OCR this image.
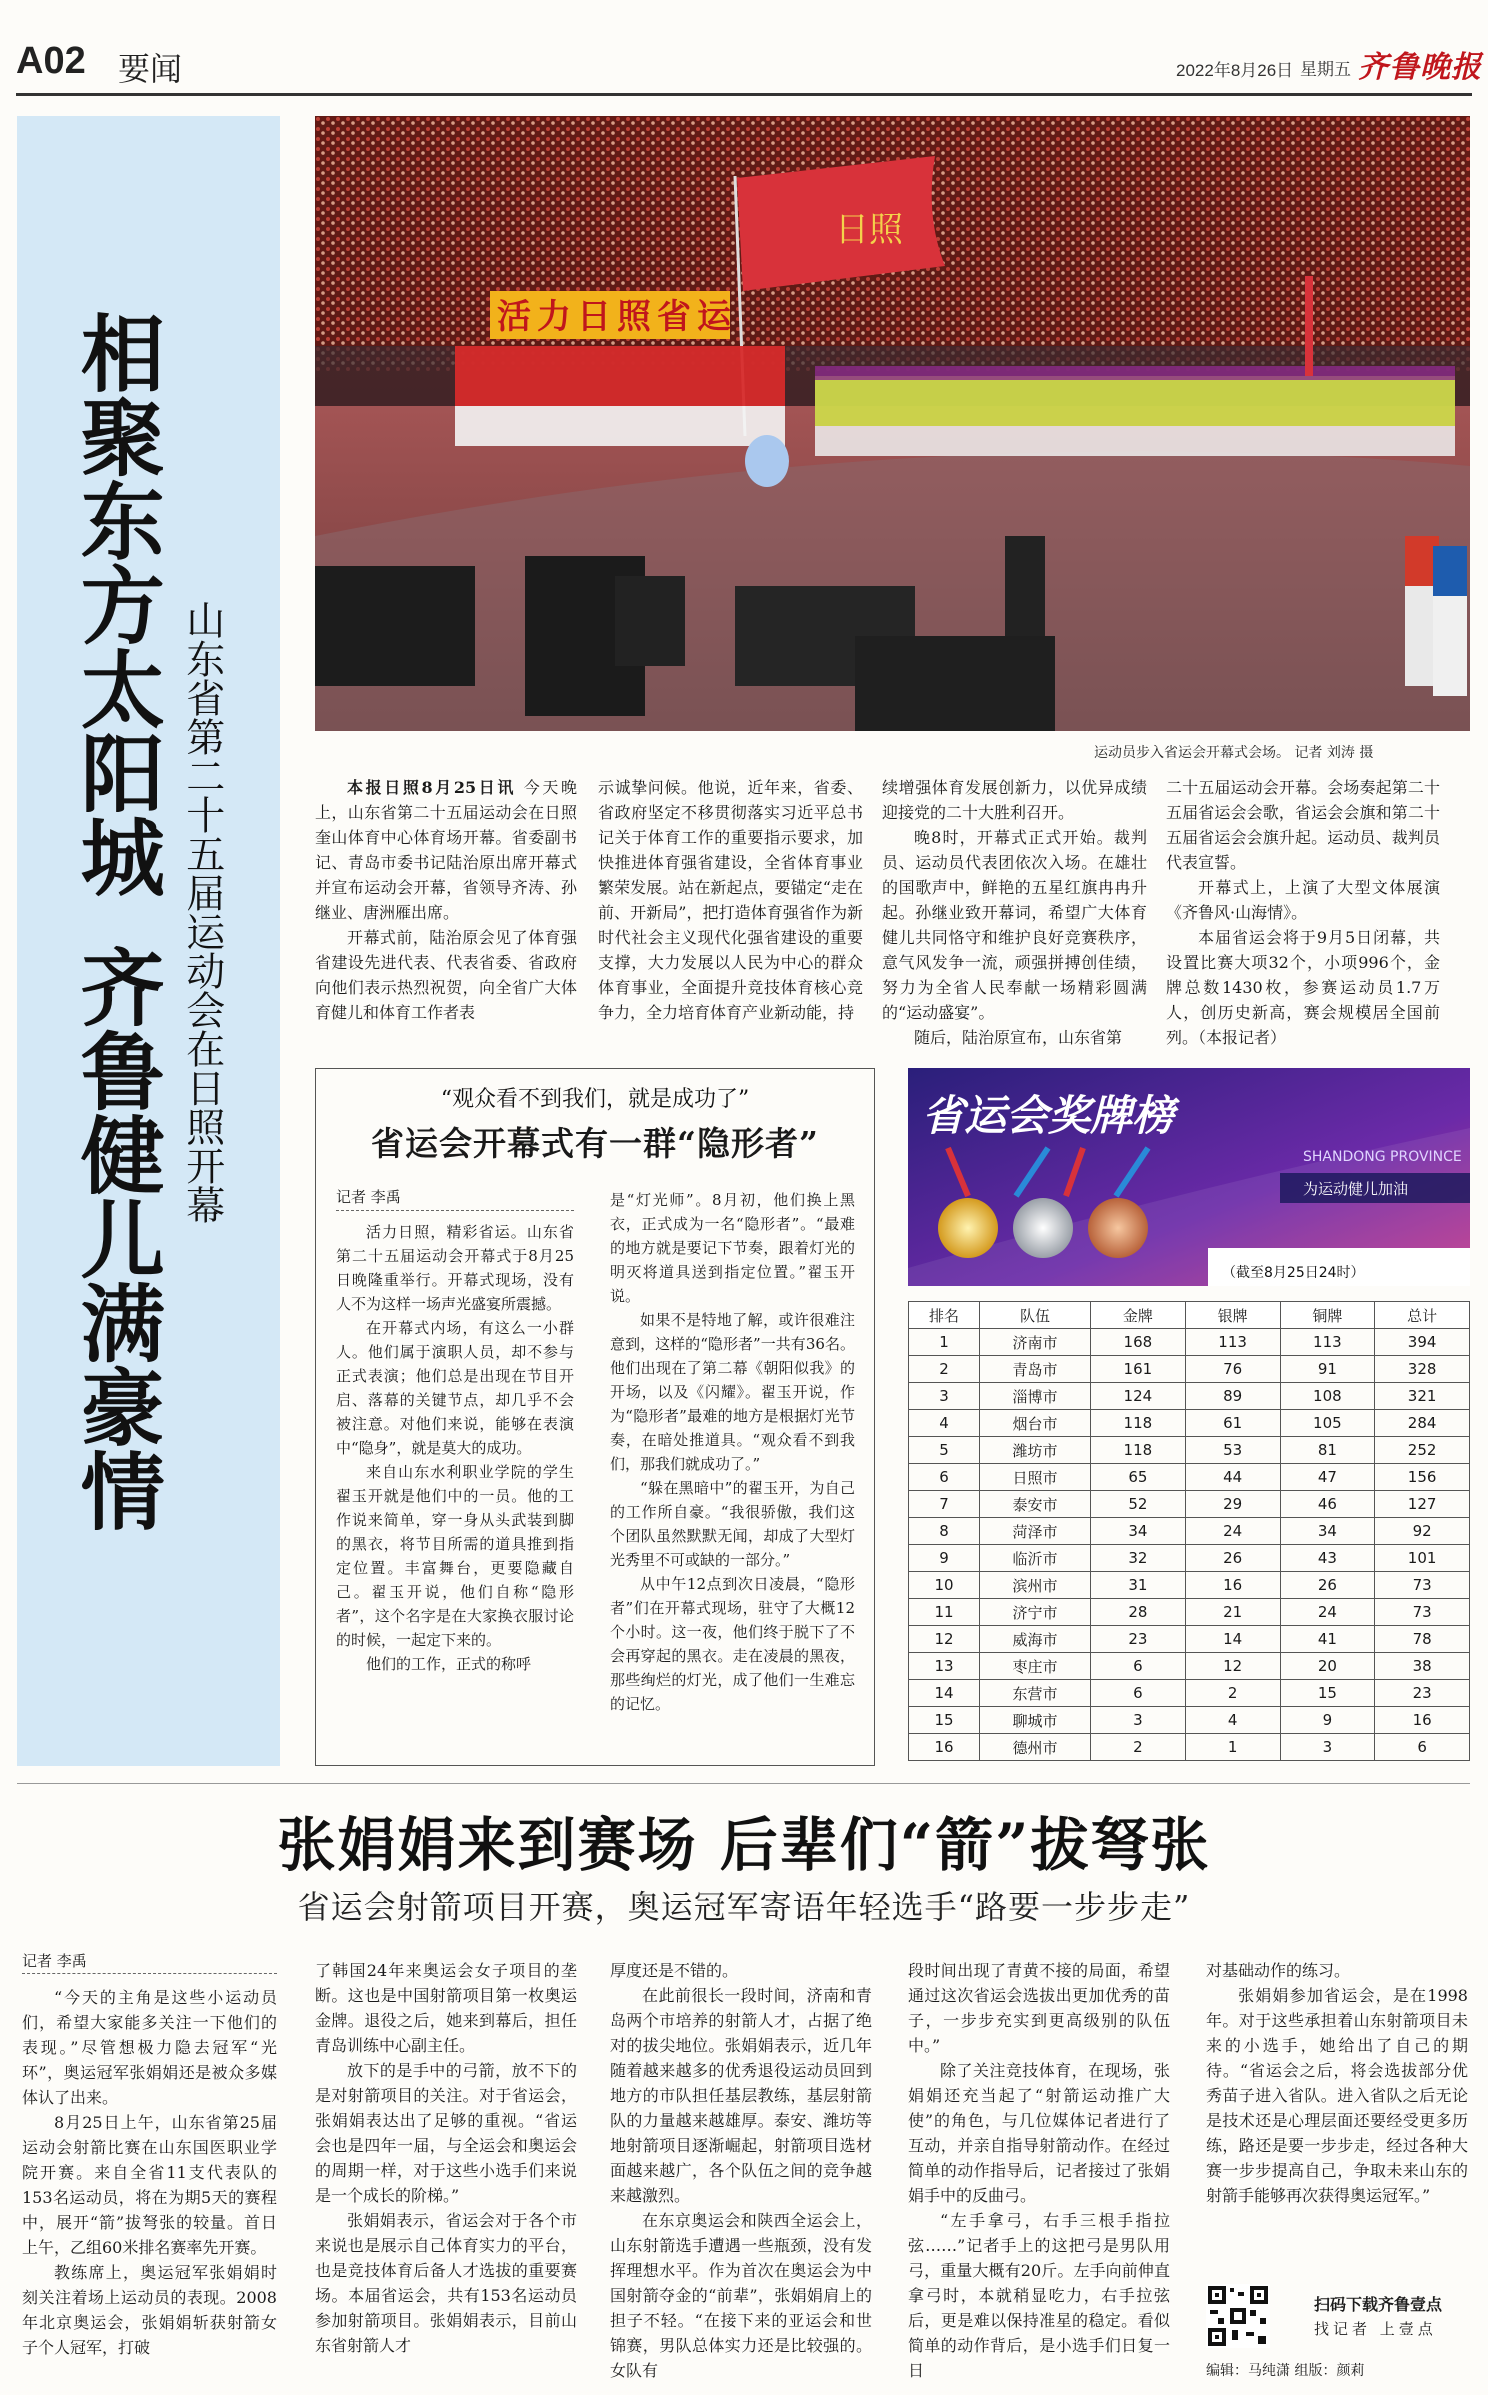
A02 要闻	2022年8月26日 星期五 齐鲁晚报
相聚东方太阳城齐鲁健儿满豪情
山东省第二十五届运动会在日照开幕
日照
活力日照省运
运动员步入省运会开幕式会场。 记者 刘涛 摄

本报日照8月25日讯 今天晚上，山东省第二十五届运动会在日照奎山体育中心体育场开幕。省委副书记、青岛市委书记陆治原出席开幕式并宣布运动会开幕，省领导齐涛、孙继业、唐洲雁出席。

开幕式前，陆治原会见了体育强省建设先进代表、代表省委、省政府向他们表示热烈祝贺，向全省广大体育健儿和体育工作者表

示诚挚问候。他说，近年来，省委、省政府坚定不移贯彻落实习近平总书记关于体育工作的重要指示要求，加快推进体育强省建设，全省体育事业繁荣发展。站在新起点，要锚定“走在前、开新局”，把打造体育强省作为新时代社会主义现代化强省建设的重要支撑，大力发展以人民为中心的群众体育事业，全面提升竞技体育核心竞争力，全力培育体育产业新动能，持

续增强体育发展创新力，以优异成绩迎接党的二十大胜利召开。

晚8时，开幕式正式开始。裁判员、运动员代表团依次入场。在雄壮的国歌声中，鲜艳的五星红旗冉冉升起。孙继业致开幕词，希望广大体育健儿共同恪守和维护良好竞赛秩序，意气风发争一流，顽强拼搏创佳绩，努力为全省人民奉献一场精彩圆满的“运动盛宴”。

随后，陆治原宣布，山东省第

二十五届运动会开幕。会场奏起第二十五届省运会会歌，省运会会旗和第二十五届省运会会旗升起。运动员、裁判员代表宣誓。

开幕式上，上演了大型文体展演《齐鲁风·山海情》。

本届省运会将于9月5日闭幕，共设置比赛大项32个，小项996个，金牌总数1430枚，参赛运动员1.7万人，创历史新高，赛会规模居全国前列。（本报记者）

“观众看不到我们，就是成功了”
省运会开幕式有一群“隐形者”
记者 李禹

活力日照，精彩省运。山东省第二十五届运动会开幕式于8月25日晚隆重举行。开幕式现场，没有人不为这样一场声光盛宴所震撼。

在开幕式内场，有这么一小群人。他们属于演职人员，却不参与正式表演；他们总是出现在节目开启、落幕的关键节点，却几乎不会被注意。对他们来说，能够在表演中“隐身”，就是莫大的成功。

来自山东水利职业学院的学生翟玉开就是他们中的一员。他的工作说来简单，穿一身从头武装到脚的黑衣，将节目所需的道具推到指定位置。丰富舞台，更要隐藏自己。翟玉开说，他们自称“隐形者”，这个名字是在大家换衣服讨论的时候，一起定下来的。

他们的工作，正式的称呼

是“灯光师”。8月初，他们换上黑衣，正式成为一名“隐形者”。“最难的地方就是要记下节奏，跟着灯光的明灭将道具送到指定位置。”翟玉开说。

如果不是特地了解，或许很难注意到，这样的“隐形者”一共有36名。他们出现在了第二幕《朝阳似我》的开场，以及《闪耀》。翟玉开说，作为“隐形者”最难的地方是根据灯光节奏，在暗处推道具。“观众看不到我们，那我们就成功了。”

“躲在黑暗中”的翟玉开，为自己的工作所自豪。“我很骄傲，我们这个团队虽然默默无闻，却成了大型灯光秀里不可或缺的一部分。”

从中午12点到次日凌晨，“隐形者”们在开幕式现场，驻守了大概12个小时。这一夜，他们终于脱下了不会再穿起的黑衣。走在凌晨的黑夜，那些绚烂的灯光，成了他们一生难忘的记忆。

省运会奖牌榜
SHANDONG PROVINCE
为运动健儿加油
（截至8月25日24时）
排名	队伍	金牌	银牌	铜牌	总计
1	济南市	168	113	113	394
2	青岛市	161	76	91	328
3	淄博市	124	89	108	321
4	烟台市	118	61	105	284
5	潍坊市	118	53	81	252
6	日照市	65	44	47	156
7	泰安市	52	29	46	127
8	菏泽市	34	24	34	92
9	临沂市	32	26	43	101
10	滨州市	31	16	26	73
11	济宁市	28	21	24	73
12	威海市	23	14	41	78
13	枣庄市	6	12	20	38
14	东营市	6	2	15	23
15	聊城市	3	4	9	16
16	德州市	2	1	3	6
张娟娟来到赛场 后辈们“箭”拔弩张
省运会射箭项目开赛，奥运冠军寄语年轻选手“路要一步步走”
记者 李禹

“今天的主角是这些小运动员们，希望大家能多关注一下他们的表现。”尽管想极力隐去冠军“光环”，奥运冠军张娟娟还是被众多媒体认了出来。

8月25日上午，山东省第25届运动会射箭比赛在山东国医职业学院开赛。来自全省11支代表队的153名运动员，将在为期5天的赛程中，展开“箭”拔弩张的较量。首日上午，乙组60米排名赛率先开赛。

教练席上，奥运冠军张娟娟时刻关注着场上运动员的表现。2008年北京奥运会，张娟娟斩获射箭女子个人冠军，打破

了韩国24年来奥运会女子项目的垄断。这也是中国射箭项目第一枚奥运金牌。退役之后，她来到幕后，担任青岛训练中心副主任。

放下的是手中的弓箭，放不下的是对射箭项目的关注。对于省运会，张娟娟表达出了足够的重视。“省运会也是四年一届，与全运会和奥运会的周期一样，对于这些小选手们来说是一个成长的阶梯。”

张娟娟表示，省运会对于各个市来说也是展示自己体育实力的平台，也是竞技体育后备人才选拔的重要赛场。本届省运会，共有153名运动员参加射箭项目。张娟娟表示，目前山东省射箭人才

厚度还是不错的。

在此前很长一段时间，济南和青岛两个市培养的射箭人才，占据了绝对的拔尖地位。张娟娟表示，近几年随着越来越多的优秀退役运动员回到地方的市队担任基层教练，基层射箭队的力量越来越雄厚。泰安、潍坊等地射箭项目逐渐崛起，射箭项目选材面越来越广，各个队伍之间的竞争越来越激烈。

在东京奥运会和陕西全运会上，山东射箭选手遭遇一些瓶颈，没有发挥理想水平。作为首次在奥运会为中国射箭夺金的“前辈”，张娟娟肩上的担子不轻。“在接下来的亚运会和世锦赛，男队总体实力还是比较强的。女队有

段时间出现了青黄不接的局面，希望通过这次省运会选拔出更加优秀的苗子，一步步充实到更高级别的队伍中。”

除了关注竞技体育，在现场，张娟娟还充当起了“射箭运动推广大使”的角色，与几位媒体记者进行了互动，并亲自指导射箭动作。在经过简单的动作指导后，记者接过了张娟娟手中的反曲弓。

“左手拿弓，右手三根手指拉弦……”记者手上的这把弓是男队用弓，重量大概有20斤。左手向前伸直拿弓时，本就稍显吃力，右手拉弦后，更是难以保持准星的稳定。看似简单的动作背后，是小选手们日复一日

对基础动作的练习。

张娟娟参加省运会，是在1998年。对于这些承担着山东射箭项目未来的小选手，她给出了自己的期待。“省运会之后，将会选拔部分优秀苗子进入省队。进入省队之后无论是技术还是心理层面还要经受更多历练，路还是要一步步走，经过各种大赛一步步提高自己，争取未来山东的射箭手能够再次获得奥运冠军。”

扫码下载齐鲁壹点
找记者 上壹点
编辑：马纯潇 组版：颜莉
